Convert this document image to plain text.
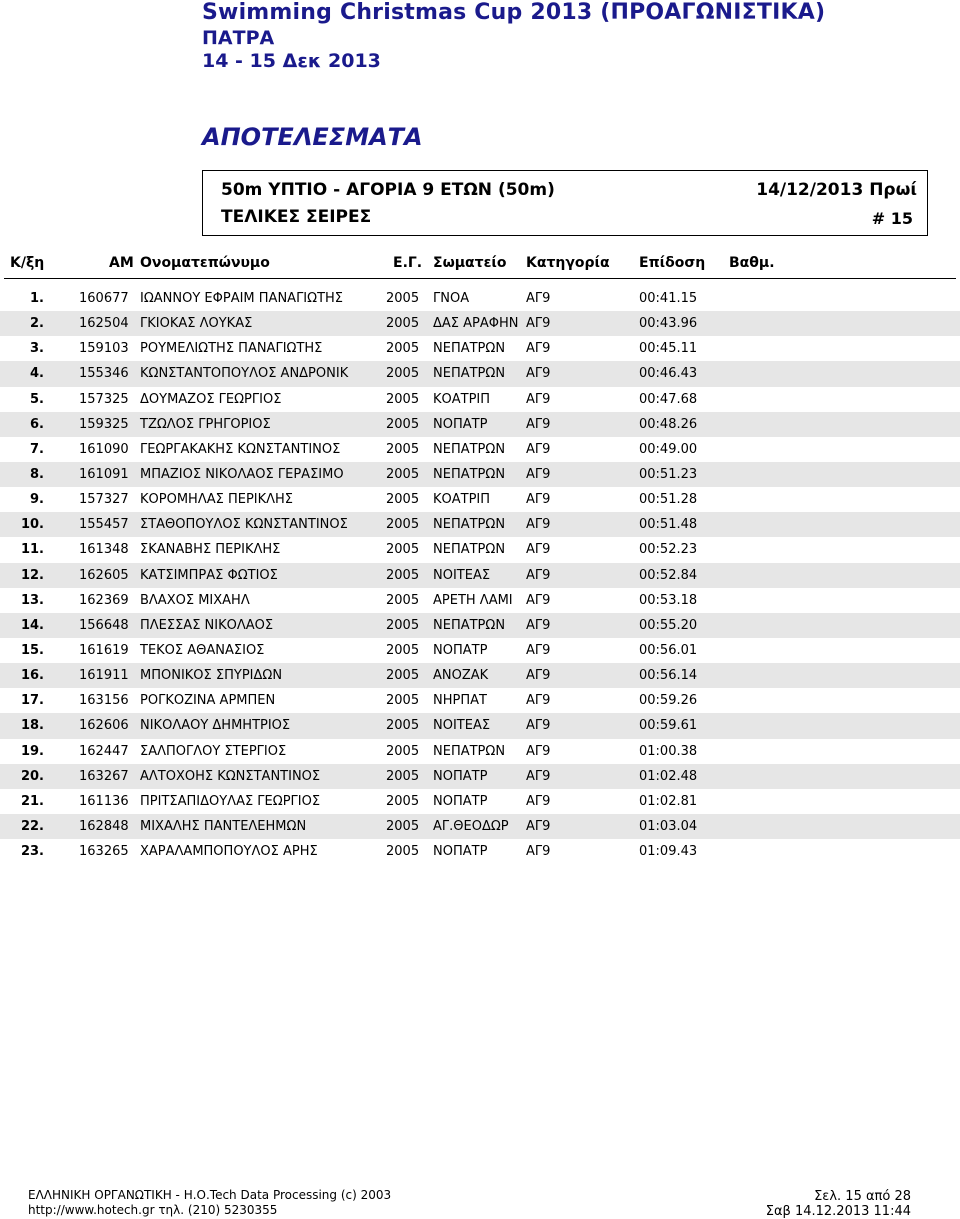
Swimming Christmas Cup 2013 (ΠΡΟΑΓΩΝΙΣΤΙΚΑ)
ΠΑΤΡΑ
14 - 15 Δεκ 2013
ΑΠΟΤΕΛΕΣΜΑΤΑ
50m ΥΠΤΙΟ - ΑΓΟΡΙΑ 9 ΕΤΩΝ (50m)	14/12/2013 Πρωί
ΤΕΛΙΚΕΣ ΣΕΙΡΕΣ	# 15
Κ/ξη	ΑΜ Ονοματεπώνυμο	Ε.Γ. Σωματείο Κατηγορία Επίδοση Βαθμ.
1.	160677 ΙΩΑΝΝΟΥ ΕΦΡΑΙΜ ΠΑΝΑΓΙΩΤΗΣ	2005 ΓΝΟΑ	ΑΓ9	00:41.15
2.	162504 ΓΚΙΟΚΑΣ ΛΟΥΚΑΣ	2005 ΔΑΣ ΑΡΑΦΗΝ ΑΓ9	00:43.96
3.	159103 ΡΟΥΜΕΛΙΩΤΗΣ ΠΑΝΑΓΙΩΤΗΣ	2005 ΝΕΠΑΤΡΩΝ ΑΓ9	00:45.11
4.	155346 ΚΩΝΣΤΑΝΤΟΠΟΥΛΟΣ ΑΝΔΡΟΝΙΚ	2005 ΝΕΠΑΤΡΩΝ ΑΓ9	00:46.43
5.	157325 ΔΟΥΜΑΖΟΣ ΓΕΩΡΓΙΟΣ	2005 ΚΟΑΤΡΙΠ	ΑΓ9	00:47.68
6.	159325 ΤΖΩΛΟΣ ΓΡΗΓΟΡΙΟΣ	2005 ΝΟΠΑΤΡ	ΑΓ9	00:48.26
7.	161090 ΓΕΩΡΓΑΚΑΚΗΣ ΚΩΝΣΤΑΝΤΙΝΟΣ	2005 ΝΕΠΑΤΡΩΝ ΑΓ9	00:49.00
8.	161091 ΜΠΑΖΙΟΣ ΝΙΚΟΛΑΟΣ ΓΕΡΑΣΙΜΟ	2005 ΝΕΠΑΤΡΩΝ ΑΓ9	00:51.23
9.	157327 ΚΟΡΟΜΗΛΑΣ ΠΕΡΙΚΛΗΣ	2005 ΚΟΑΤΡΙΠ	ΑΓ9	00:51.28
10.	155457 ΣΤΑΘΟΠΟΥΛΟΣ ΚΩΝΣΤΑΝΤΙΝΟΣ	2005 ΝΕΠΑΤΡΩΝ ΑΓ9	00:51.48
11.	161348 ΣΚΑΝΑΒΗΣ ΠΕΡΙΚΛΗΣ	2005 ΝΕΠΑΤΡΩΝ ΑΓ9	00:52.23
12.	162605 ΚΑΤΣΙΜΠΡΑΣ ΦΩΤΙΟΣ	2005 ΝΟΙΤΕΑΣ	ΑΓ9	00:52.84
13.	162369 ΒΛΑΧΟΣ ΜΙΧΑΗΛ	2005 ΑΡΕΤΗ ΛΑΜΙ ΑΓ9	00:53.18
14.	156648 ΠΛΕΣΣΑΣ ΝΙΚΟΛΑΟΣ	2005 ΝΕΠΑΤΡΩΝ ΑΓ9	00:55.20
15.	161619 ΤΕΚΟΣ ΑΘΑΝΑΣΙΟΣ	2005 ΝΟΠΑΤΡ	ΑΓ9	00:56.01
16.	161911 ΜΠΟΝΙΚΟΣ ΣΠΥΡΙΔΩΝ	2005 ΑΝΟΖΑΚ	ΑΓ9	00:56.14
17.	163156 ΡΟΓΚΟΖΙΝΑ ΑΡΜΠΕΝ	2005 ΝΗΡΠΑΤ	ΑΓ9	00:59.26
18.	162606 ΝΙΚΟΛΑΟΥ ΔΗΜΗΤΡΙΟΣ	2005 ΝΟΙΤΕΑΣ	ΑΓ9	00:59.61
19.	162447 ΣΑΛΠΟΓΛΟΥ ΣΤΕΡΓΙΟΣ	2005 ΝΕΠΑΤΡΩΝ ΑΓ9	01:00.38
20.	163267 ΑΛΤΟΧΟΗΣ ΚΩΝΣΤΑΝΤΙΝΟΣ	2005 ΝΟΠΑΤΡ	ΑΓ9	01:02.48
21.	161136 ΠΡΙΤΣΑΠΙΔΟΥΛΑΣ ΓΕΩΡΓΙΟΣ	2005 ΝΟΠΑΤΡ	ΑΓ9	01:02.81
22.	162848 ΜΙΧΑΛΗΣ ΠΑΝΤΕΛΕΗΜΩΝ	2005 ΑΓ.ΘΕΟΔΩΡ ΑΓ9	01:03.04
23.	163265 ΧΑΡΑΛΑΜΠΟΠΟΥΛΟΣ ΑΡΗΣ	2005 ΝΟΠΑΤΡ	ΑΓ9	01:09.43
ΕΛΛΗΝΙΚΗ ΟΡΓΑΝΩΤΙΚΗ - Η.Ο.Tech Data Processing (c) 2003
http://www.hotech.gr τηλ. (210) 5230355
Σελ. 15 από 28
Σαβ 14.12.2013 11:44
